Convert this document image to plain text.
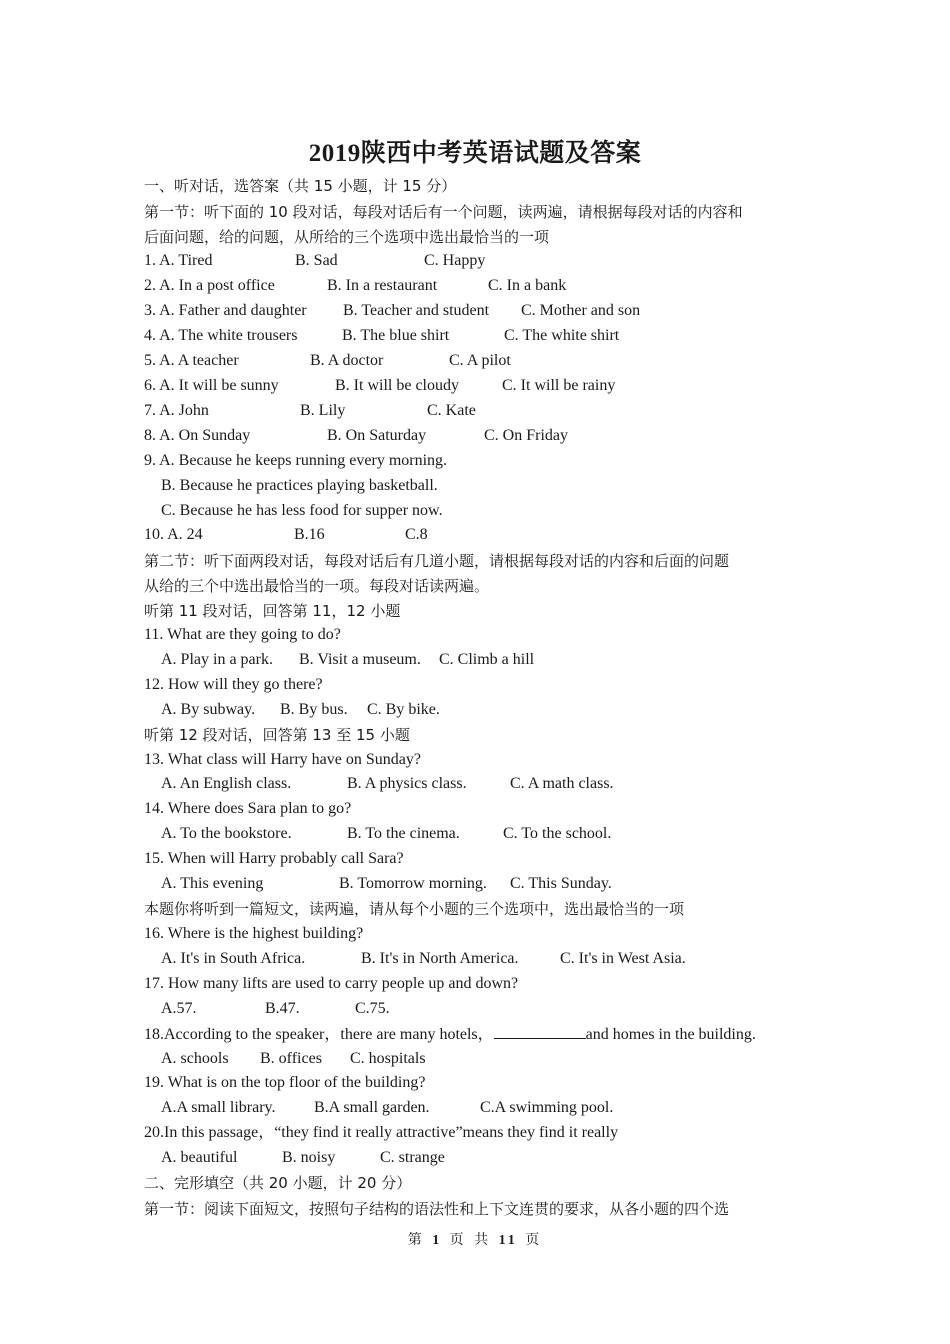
2019陕西中考英语试题及答案
一、听对话，选答案（共 15 小题，计 15 分）
第一节：听下面的 10 段对话，每段对话后有一个问题，读两遍，请根据每段对话的内容和
后面问题，给的问题，从所给的三个选项中选出最恰当的一项
1. A. Tired	B. Sad	C. Happy
2. A. In a post office	B. In a restaurant	C. In a bank
3. A. Father and daughter B. Teacher and student C. Mother and son
4. A. The white trousers	B. The blue shirt	C. The white shirt
5. A. A teacher	B. A doctor	C. A pilot
6. A. It will be sunny	B. It will be cloudy	C. It will be rainy
7. A. John	B. Lily	C. Kate
8. A. On Sunday	B. On Saturday	C. On Friday
9. A. Because he keeps running every morning.
B. Because he practices playing basketball.
C. Because he has less food for supper now.
10. A. 24	B.16	C.8
第二节：听下面两段对话，每段对话后有几道小题，请根据每段对话的内容和后面的问题
从给的三个中选出最恰当的一项。每段对话读两遍。
听第 11 段对话，回答第 11，12 小题
11. What are they going to do?
A. Play in a park. B. Visit a museum. C. Climb a hill
12. How will they go there?
A. By subway. B. By bus. C. By bike.
听第 12 段对话，回答第 13 至 15 小题
13. What class will Harry have on Sunday?
A. An English class.	B. A physics class.	C. A math class.
14. Where does Sara plan to go?
A. To the bookstore.	B. To the cinema.	C. To the school.
15. When will Harry probably call Sara?
A. This evening	B. Tomorrow morning. C. This Sunday.
本题你将听到一篇短文，读两遍，请从每个小题的三个选项中，选出最恰当的一项
16. Where is the highest building?
A. It's in South Africa.	B. It's in North America.	C. It's in West Asia.
17. How many lifts are used to carry people up and down?
A.57.	B.47.	C.75.
18.According to the speaker，there are many hotels，	and homes in the building.
A. schools B. offices C. hospitals
19. What is on the top floor of the building?
A.A small library. B.A small garden.	C.A swimming pool.
20.In this passage，“they find it really attractive”means they find it really
A. beautiful	B. noisy	C. strange
二、完形填空（共 20 小题，计 20 分）
第一节：阅读下面短文，按照句子结构的语法性和上下文连贯的要求，从各小题的四个选
第 1 页 共 11 页
